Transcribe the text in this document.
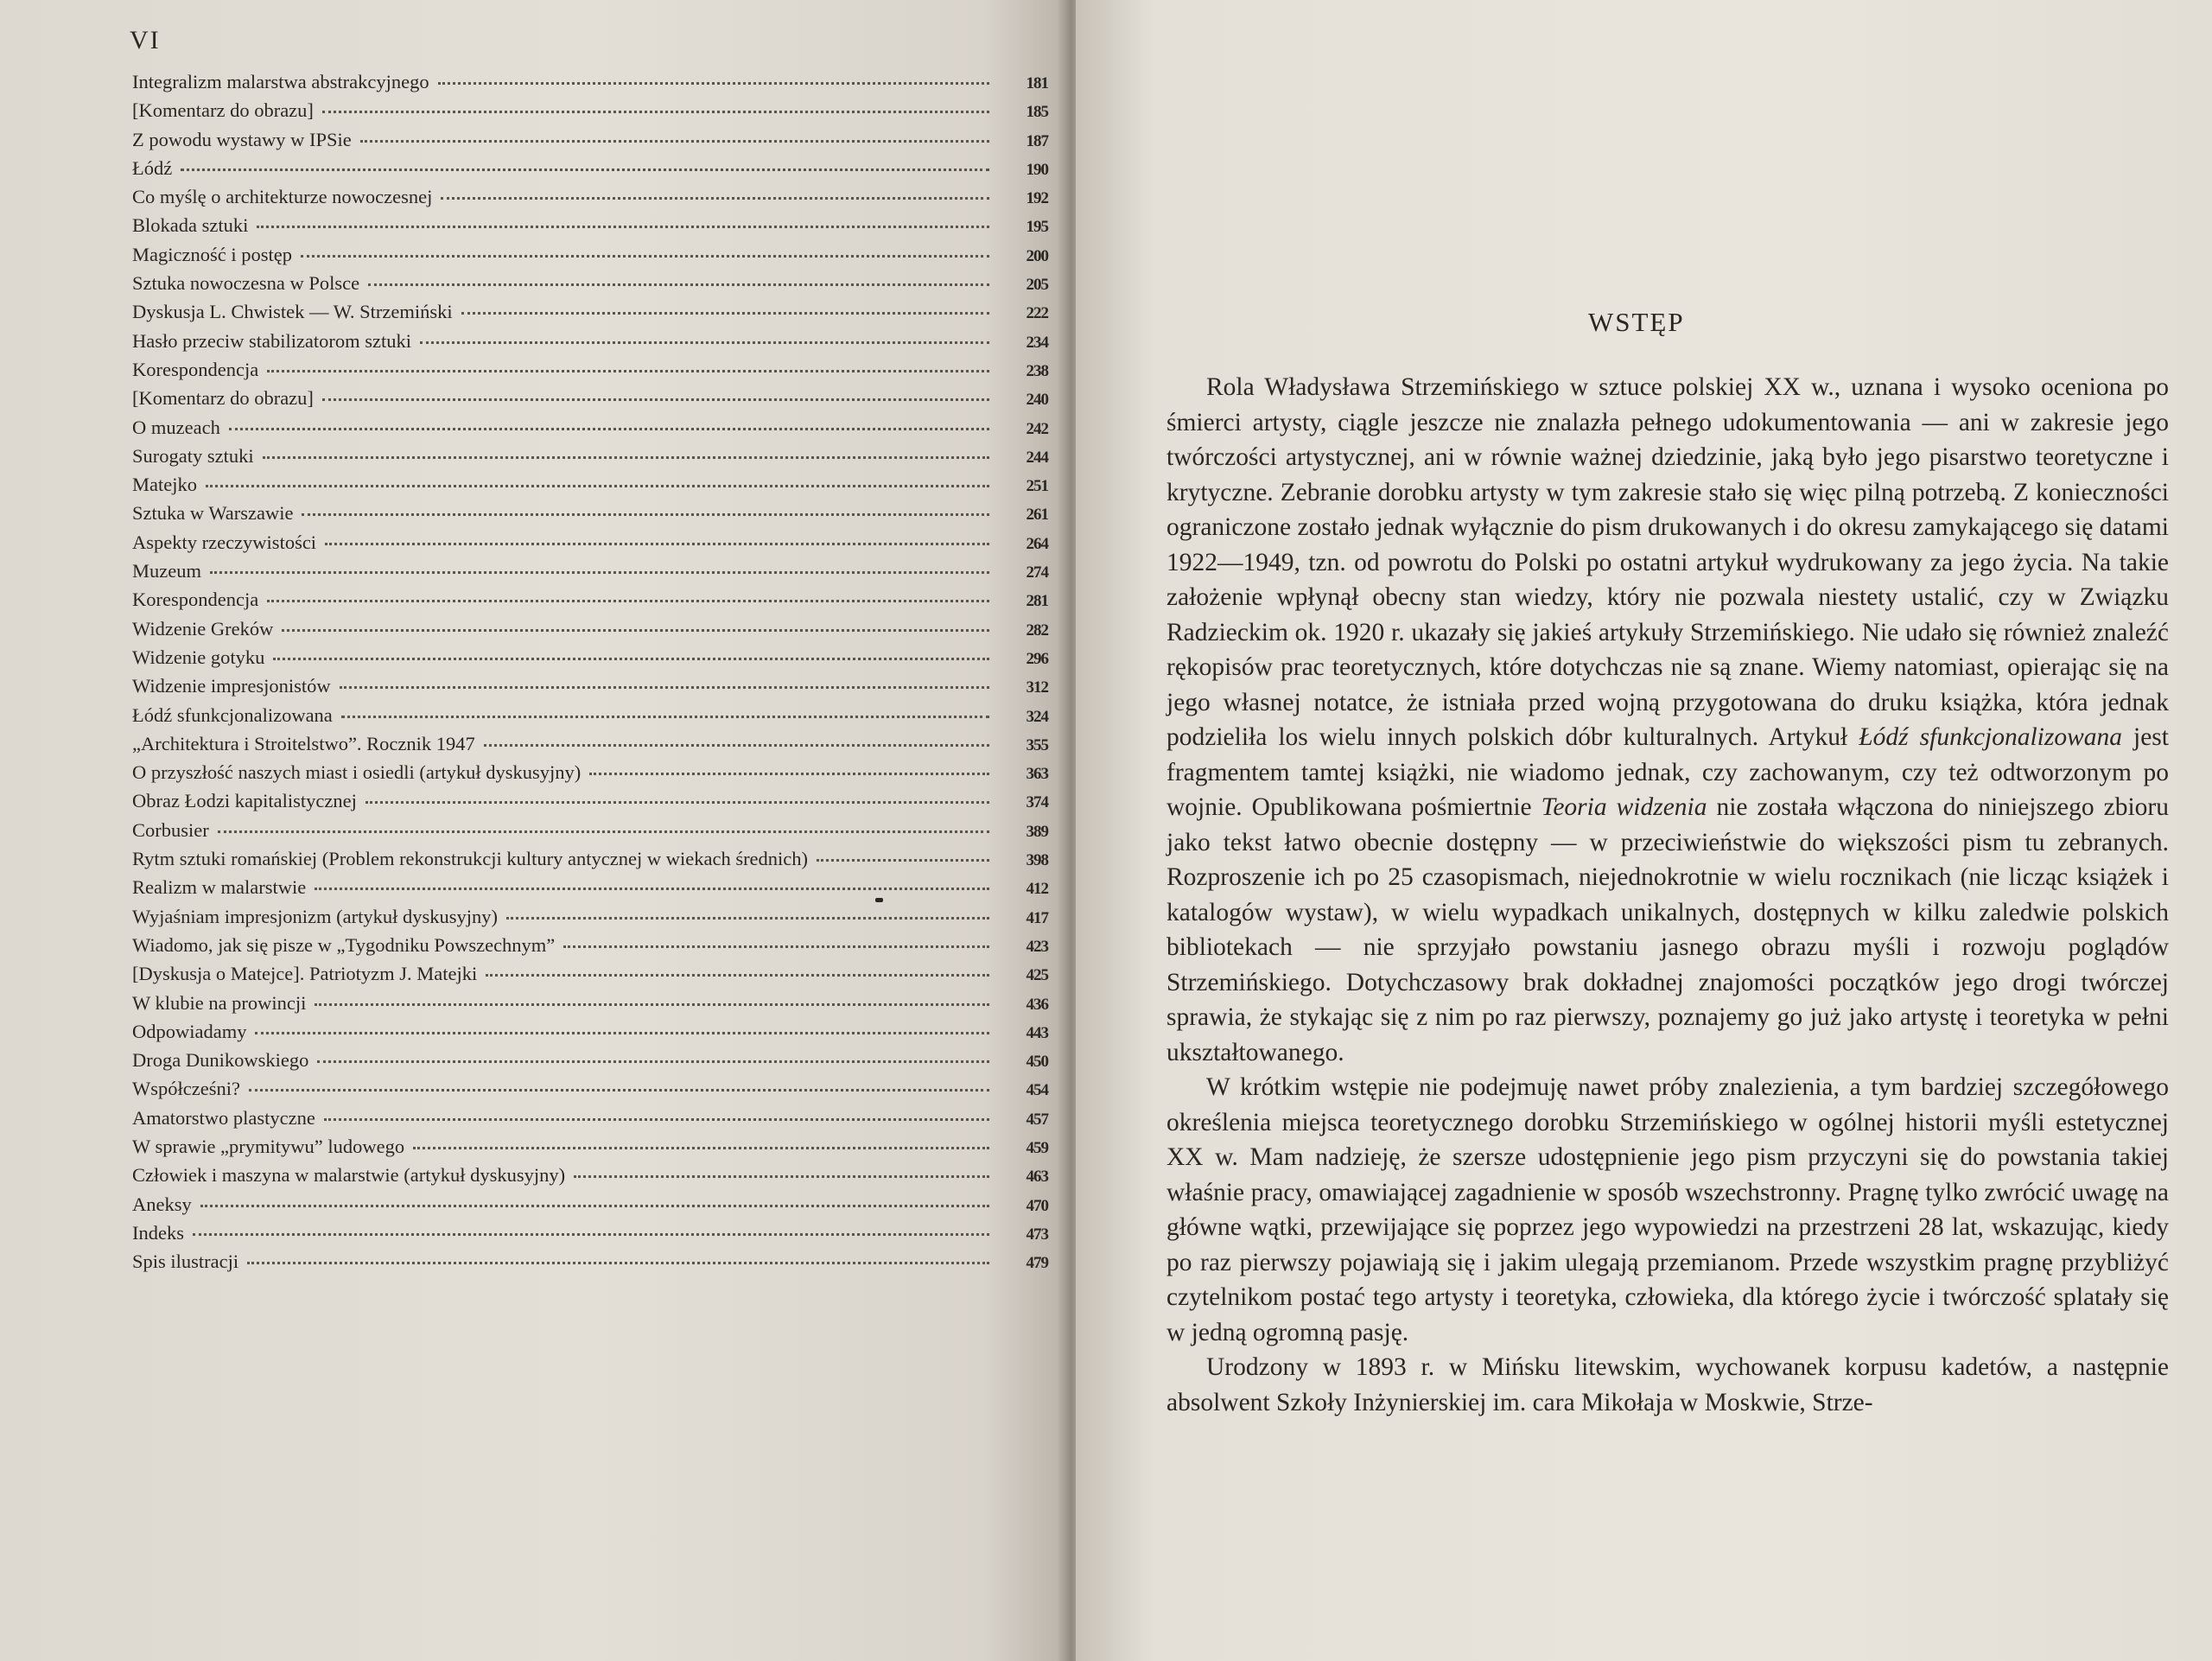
VI
Integralizm malarstwa abstrakcyjnego	181
[Komentarz do obrazu]	185
Z powodu wystawy w IPSie	187
Łódź	190
Co myślę o architekturze nowoczesnej	192
Blokada sztuki	195
Magiczność i postęp	200
Sztuka nowoczesna w Polsce	205
Dyskusja L. Chwistek — W. Strzemiński	222
Hasło przeciw stabilizatorom sztuki	234
Korespondencja	238
[Komentarz do obrazu]	240
O muzeach	242
Surogaty sztuki	244
Matejko	251
Sztuka w Warszawie	261
Aspekty rzeczywistości	264
Muzeum	274
Korespondencja	281
Widzenie Greków	282
Widzenie gotyku	296
Widzenie impresjonistów	312
Łódź sfunkcjonalizowana	324
„Architektura i Stroitelstwo”. Rocznik 1947	355
O przyszłość naszych miast i osiedli (artykuł dyskusyjny)	363
Obraz Łodzi kapitalistycznej	374
Corbusier	389
Rytm sztuki romańskiej (Problem rekonstrukcji kultury antycznej w wiekach średnich)	398
Realizm w malarstwie	412
Wyjaśniam impresjonizm (artykuł dyskusyjny)	417
Wiadomo, jak się pisze w „Tygodniku Powszechnym”	423
[Dyskusja o Matejce]. Patriotyzm J. Matejki	425
W klubie na prowincji	436
Odpowiadamy	443
Droga Dunikowskiego	450
Współcześni?	454
Amatorstwo plastyczne	457
W sprawie „prymitywu” ludowego	459
Człowiek i maszyna w malarstwie (artykuł dyskusyjny)	463
Aneksy	470
Indeks	473
Spis ilustracji	479
WSTĘP

Rola Władysława Strzemińskiego w sztuce polskiej XX w., uznana i wysoko oceniona po śmierci artysty, ciągle jeszcze nie znalazła pełnego udokumentowania — ani w zakresie jego twórczości artystycznej, ani w równie ważnej dziedzinie, jaką było jego pisarstwo teoretyczne i krytyczne. Zebranie dorobku artysty w tym zakresie stało się więc pilną potrzebą. Z konieczności ograniczone zostało jednak wyłącznie do pism drukowanych i do okresu zamykającego się datami 1922—1949, tzn. od powrotu do Polski po ostatni artykuł wydrukowany za jego życia. Na takie założenie wpłynął obecny stan wiedzy, który nie pozwala niestety ustalić, czy w Związku Radzieckim ok. 1920 r. ukazały się jakieś artykuły Strzemińskiego. Nie udało się również znaleźć rękopisów prac teoretycznych, które dotychczas nie są znane. Wiemy natomiast, opierając się na jego własnej notatce, że istniała przed wojną przygotowana do druku książka, która jednak podzieliła los wielu innych polskich dóbr kulturalnych. Artykuł Łódź sfunkcjonalizowana jest fragmentem tamtej książki, nie wiadomo jednak, czy zachowanym, czy też odtworzonym po wojnie. Opublikowana pośmiertnie Teoria widzenia nie została włączona do niniejszego zbioru jako tekst łatwo obecnie dostępny — w przeciwieństwie do większości pism tu zebranych. Rozproszenie ich po 25 czasopismach, niejednokrotnie w wielu rocznikach (nie licząc książek i katalogów wystaw), w wielu wypadkach unikalnych, dostępnych w kilku zaledwie polskich bibliotekach — nie sprzyjało powstaniu jasnego obrazu myśli i rozwoju poglądów Strzemińskiego. Dotychczasowy brak dokładnej znajomości początków jego drogi twórczej sprawia, że stykając się z nim po raz pierwszy, poznajemy go już jako artystę i teoretyka w pełni ukształtowanego.

W krótkim wstępie nie podejmuję nawet próby znalezienia, a tym bardziej szczegółowego określenia miejsca teoretycznego dorobku Strzemińskiego w ogólnej historii myśli estetycznej XX w. Mam nadzieję, że szersze udostępnienie jego pism przyczyni się do powstania takiej właśnie pracy, omawiającej zagadnienie w sposób wszechstronny. Pragnę tylko zwrócić uwagę na główne wątki, przewijające się poprzez jego wypowiedzi na przestrzeni 28 lat, wskazując, kiedy po raz pierwszy pojawiają się i jakim ulegają przemianom. Przede wszystkim pragnę przybliżyć czytelnikom postać tego artysty i teoretyka, człowieka, dla którego życie i twórczość splatały się w jedną ogromną pasję.

Urodzony w 1893 r. w Mińsku litewskim, wychowanek korpusu kadetów, a następnie absolwent Szkoły Inżynierskiej im. cara Mikołaja w Moskwie, Strze-
